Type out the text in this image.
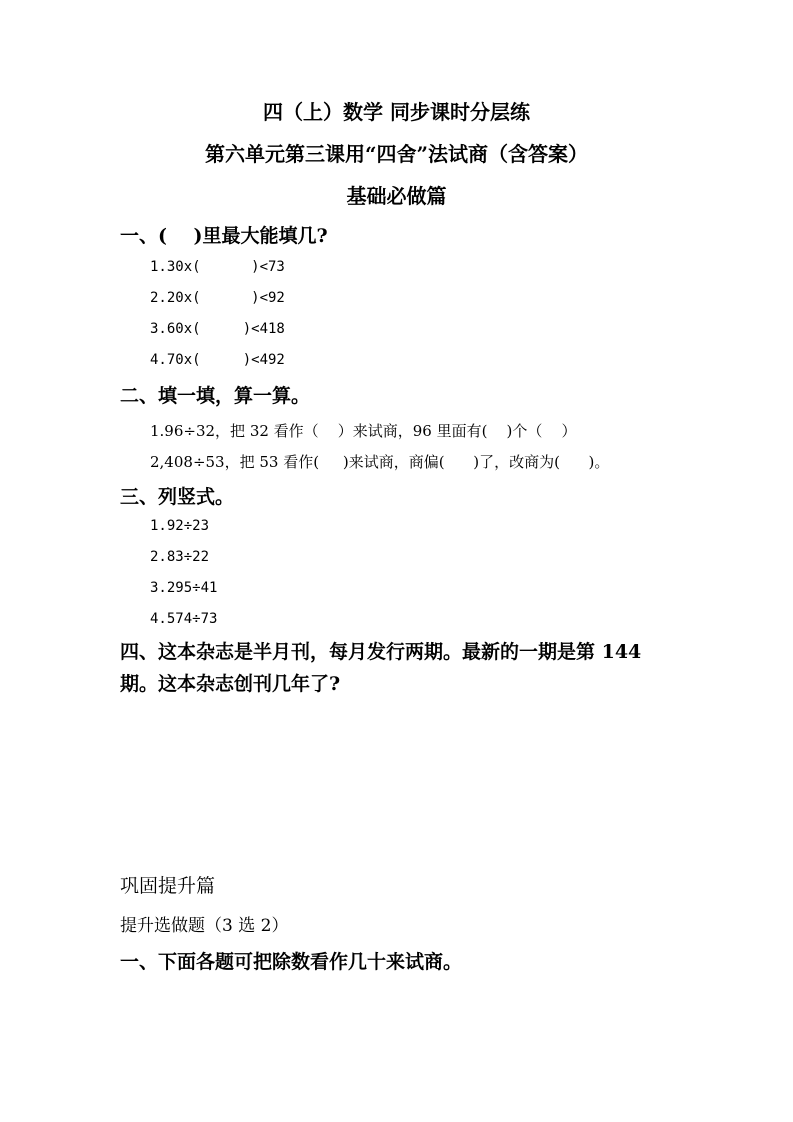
四（上）数学 同步课时分层练
第六单元第三课用“四舍”法试商（含答案）
基础必做篇
一、(    )里最大能填几?
1.30x(      )<73
2.20x(      )<92
3.60x(     )<418
4.70x(     )<492
二、填一填，算一算。
1.96÷32，把 32 看作（    ）来试商，96 里面有(    )个（    ）
2,408÷53，把 53 看作(     )来试商，商偏(      )了，改商为(      )。
三、列竖式。
1.92÷23
2.83÷22
3.295÷41
4.574÷73
四、这本杂志是半月刊，每月发行两期。最新的一期是第 144 期。这本杂志创刊几年了?
巩固提升篇
提升选做题（3 选 2）
一、下面各题可把除数看作几十来试商。
